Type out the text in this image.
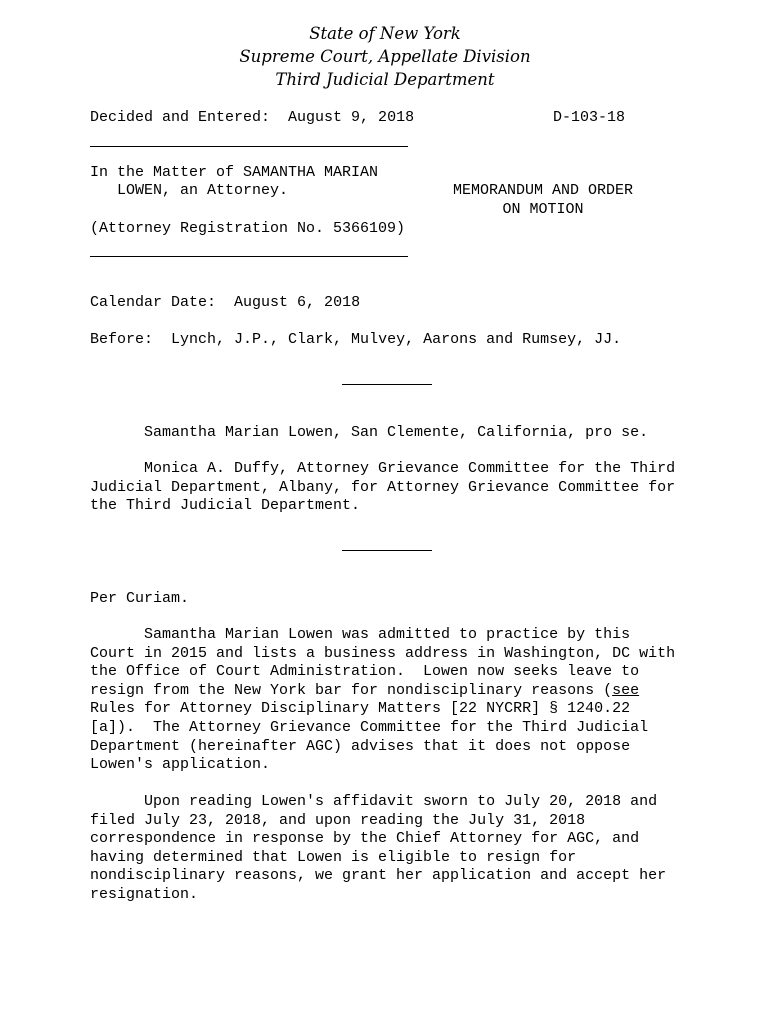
State of New York
Supreme Court, Appellate Division
Third Judicial Department
Decided and Entered: August 9, 2018	D-103-18
In the Matter of SAMANTHA MARIAN
LOWEN, an Attorney.
(Attorney Registration No. 5366109)
MEMORANDUM AND ORDER
ON MOTION
Calendar Date: August 6, 2018
Before: Lynch, J.P., Clark, Mulvey, Aarons and Rumsey, JJ.
Samantha Marian Lowen, San Clemente, California, pro se.
Monica A. Duffy, Attorney Grievance Committee for the Third
Judicial Department, Albany, for Attorney Grievance Committee for
the Third Judicial Department.
Per Curiam.
Samantha Marian Lowen was admitted to practice by this
Court in 2015 and lists a business address in Washington, DC with
the Office of Court Administration.  Lowen now seeks leave to
resign from the New York bar for nondisciplinary reasons (see
Rules for Attorney Disciplinary Matters [22 NYCRR] § 1240.22
[a]).  The Attorney Grievance Committee for the Third Judicial
Department (hereinafter AGC) advises that it does not oppose
Lowen's application.
Upon reading Lowen's affidavit sworn to July 20, 2018 and
filed July 23, 2018, and upon reading the July 31, 2018
correspondence in response by the Chief Attorney for AGC, and
having determined that Lowen is eligible to resign for
nondisciplinary reasons, we grant her application and accept her
resignation.
